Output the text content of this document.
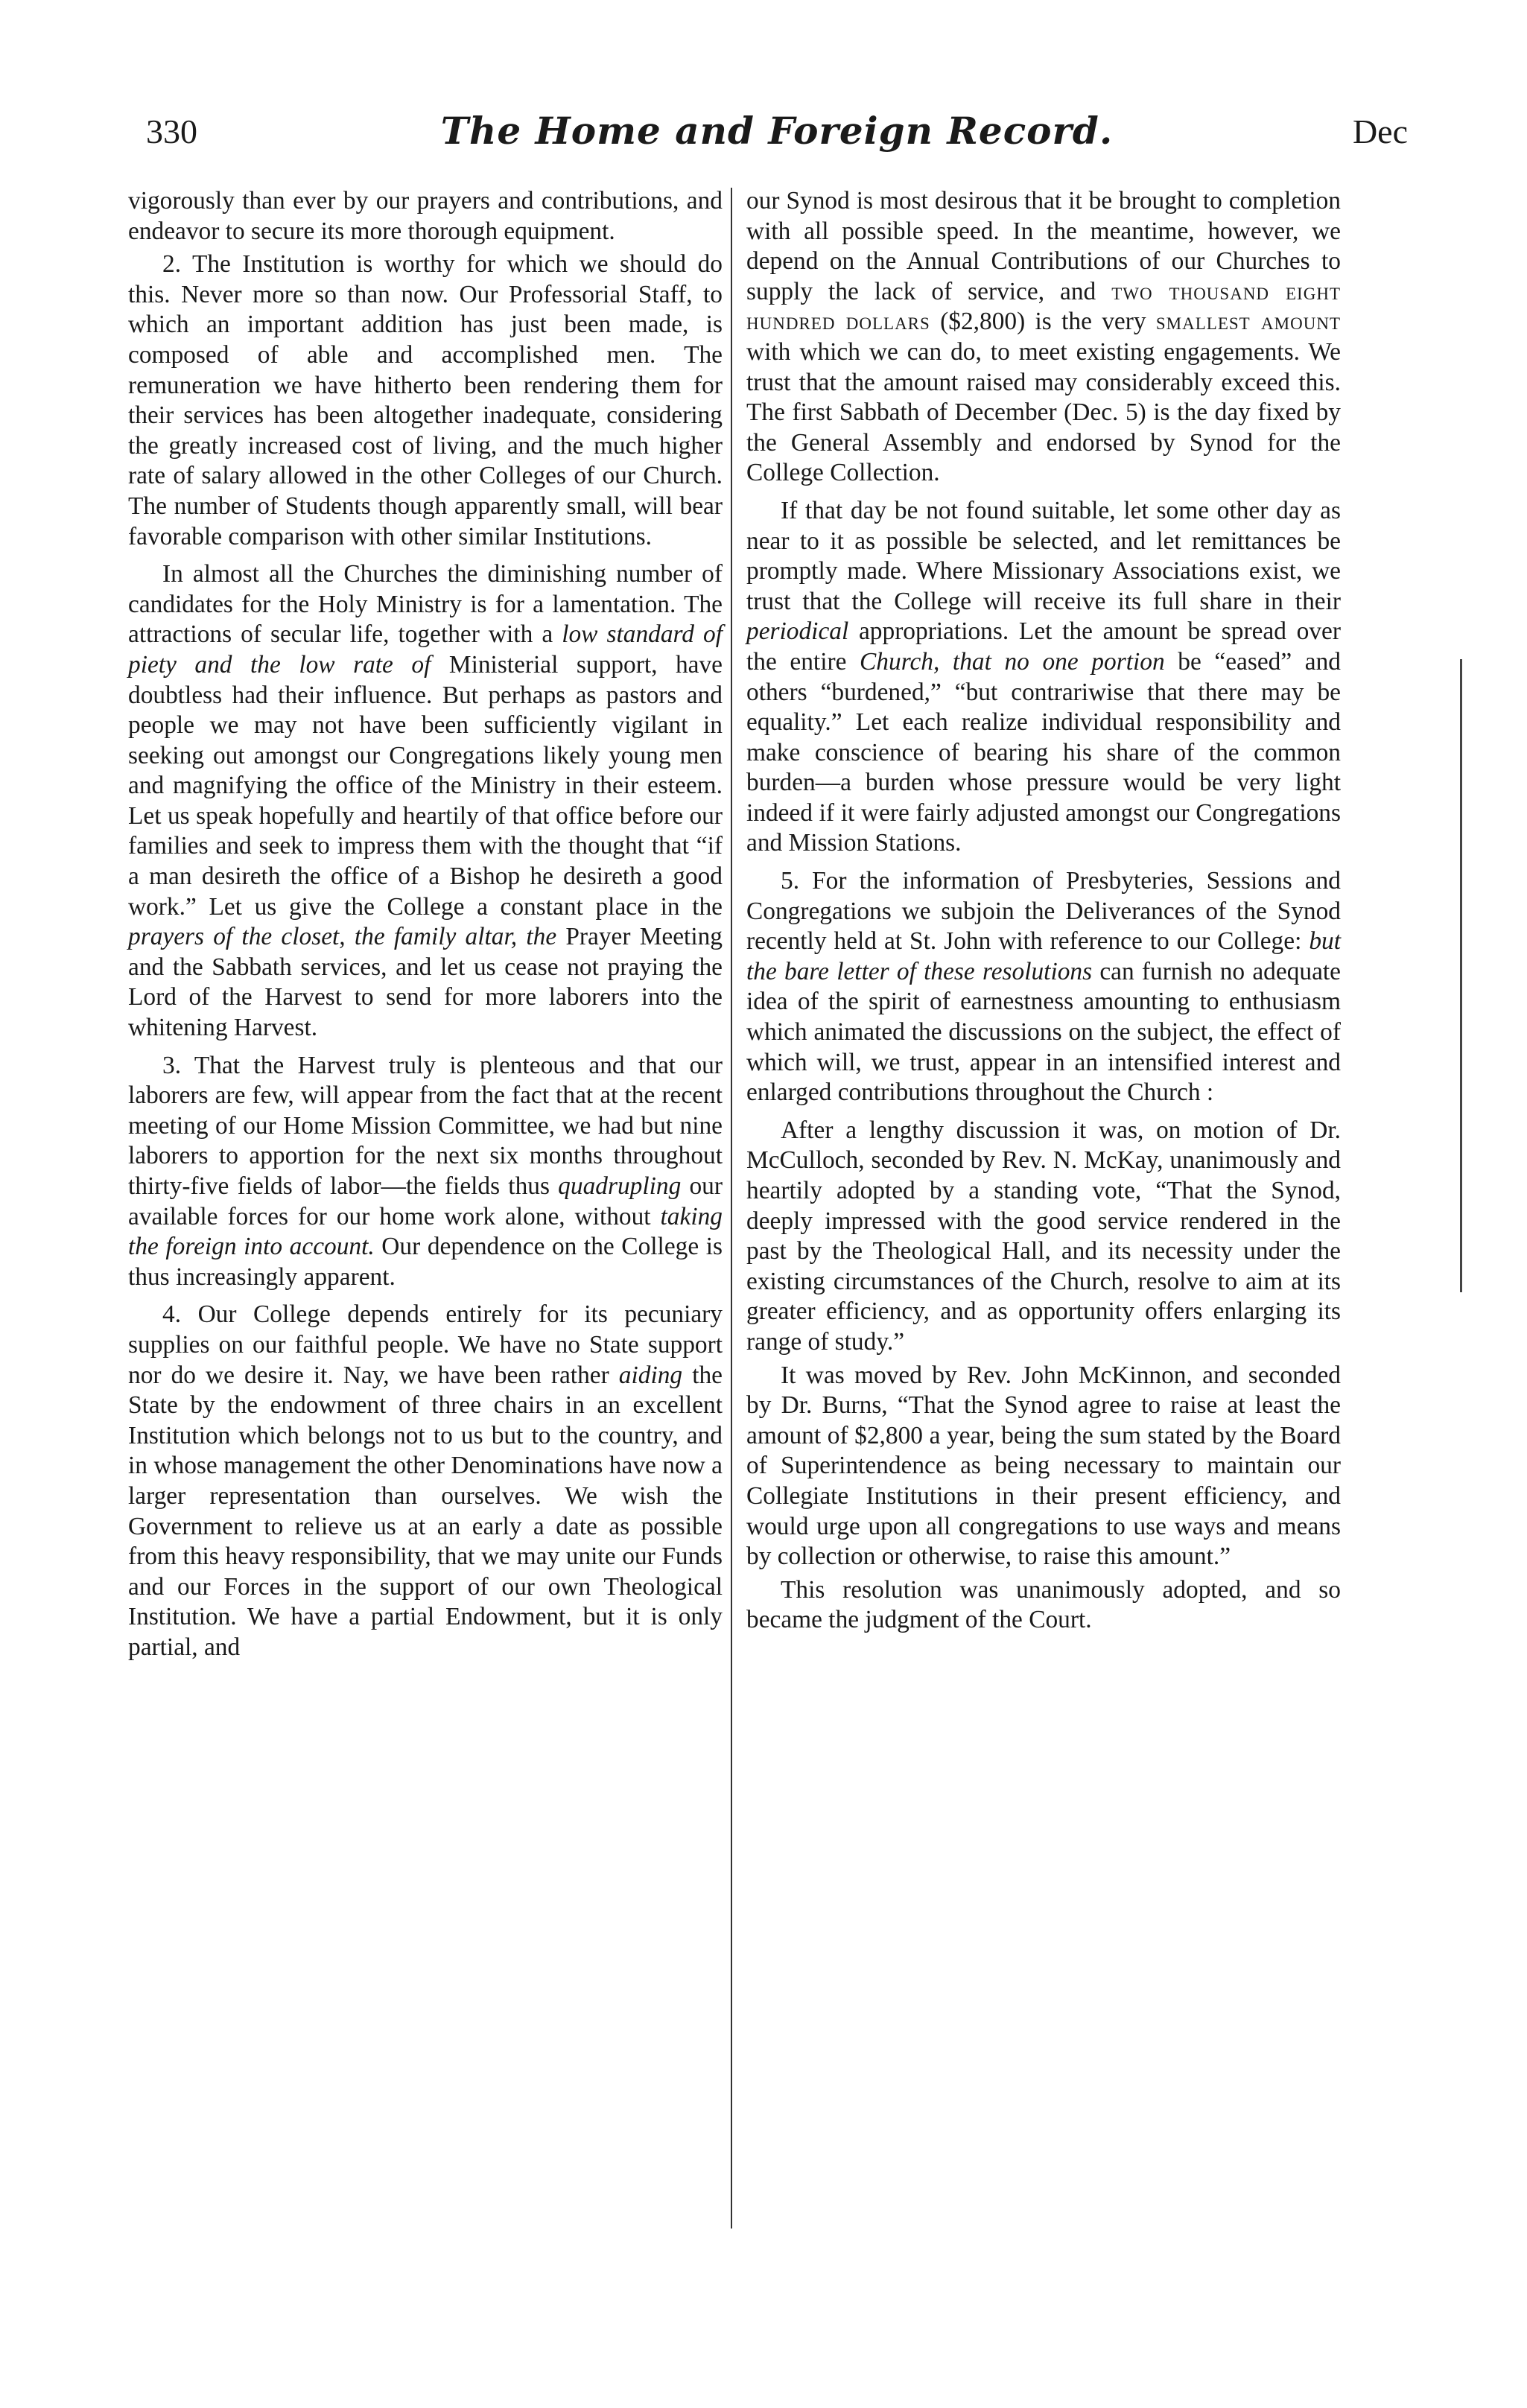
330	The Home and Foreign Record.	Dec

vigorously than ever by our prayers and contributions, and endeavor to secure its more thorough equipment.

2. The Institution is worthy for which we should do this. Never more so than now. Our Professorial Staff, to which an important addition has just been made, is composed of able and accomplished men. The remuneration we have hitherto been rendering them for their services has been altogether inadequate, considering the greatly increased cost of living, and the much higher rate of salary allowed in the other Colleges of our Church. The number of Students though apparently small, will bear favorable comparison with other similar Institutions.

In almost all the Churches the diminishing number of candidates for the Holy Ministry is for a lamentation. The attractions of secular life, together with a low standard of piety and the low rate of Ministerial support, have doubtless had their influence. But perhaps as pastors and people we may not have been sufficiently vigilant in seeking out amongst our Congregations likely young men and magnifying the office of the Ministry in their esteem. Let us speak hopefully and heartily of that office before our families and seek to impress them with the thought that “if a man desireth the office of a Bishop he desireth a good work.” Let us give the College a constant place in the prayers of the closet, the family altar, the Prayer Meeting and the Sabbath services, and let us cease not praying the Lord of the Harvest to send for more laborers into the whitening Harvest.

3. That the Harvest truly is plenteous and that our laborers are few, will appear from the fact that at the recent meeting of our Home Mission Committee, we had but nine laborers to apportion for the next six months throughout thirty-five fields of labor—the fields thus quadrupling our available forces for our home work alone, without taking the foreign into account. Our dependence on the College is thus increasingly apparent.

4. Our College depends entirely for its pecuniary supplies on our faithful people. We have no State support nor do we desire it. Nay, we have been rather aiding the State by the endowment of three chairs in an excellent Institution which belongs not to us but to the country, and in whose management the other Denominations have now a larger representation than ourselves. We wish the Government to relieve us at an early a date as possible from this heavy responsibility, that we may unite our Funds and our Forces in the support of our own Theological Institution. We have a partial Endowment, but it is only partial, and

our Synod is most desirous that it be brought to completion with all possible speed. In the meantime, however, we depend on the Annual Contributions of our Churches to supply the lack of service, and two thousand eight hundred dollars ($2,800) is the very smallest amount with which we can do, to meet existing engagements. We trust that the amount raised may considerably exceed this. The first Sabbath of December (Dec. 5) is the day fixed by the General Assembly and endorsed by Synod for the College Collection.

If that day be not found suitable, let some other day as near to it as possible be selected, and let remittances be promptly made. Where Missionary Associations exist, we trust that the College will receive its full share in their periodical appropriations. Let the amount be spread over the entire Church, that no one portion be “eased” and others “burdened,” “but contrariwise that there may be equality.” Let each realize individual responsibility and make conscience of bearing his share of the common burden—a burden whose pressure would be very light indeed if it were fairly adjusted amongst our Congregations and Mission Stations.

5. For the information of Presbyteries, Sessions and Congregations we subjoin the Deliverances of the Synod recently held at St. John with reference to our College: but the bare letter of these resolutions can furnish no adequate idea of the spirit of earnestness amounting to enthusiasm which animated the discussions on the subject, the effect of which will, we trust, appear in an intensified interest and enlarged contributions throughout the Church :

After a lengthy discussion it was, on motion of Dr. McCulloch, seconded by Rev. N. McKay, unanimously and heartily adopted by a standing vote, “That the Synod, deeply impressed with the good service rendered in the past by the Theological Hall, and its necessity under the existing circumstances of the Church, resolve to aim at its greater efficiency, and as opportunity offers enlarging its range of study.”

It was moved by Rev. John McKinnon, and seconded by Dr. Burns, “That the Synod agree to raise at least the amount of $2,800 a year, being the sum stated by the Board of Superintendence as being necessary to maintain our Collegiate Institutions in their present efficiency, and would urge upon all congregations to use ways and means by collection or otherwise, to raise this amount.”

This resolution was unanimously adopted, and so became the judgment of the Court.
